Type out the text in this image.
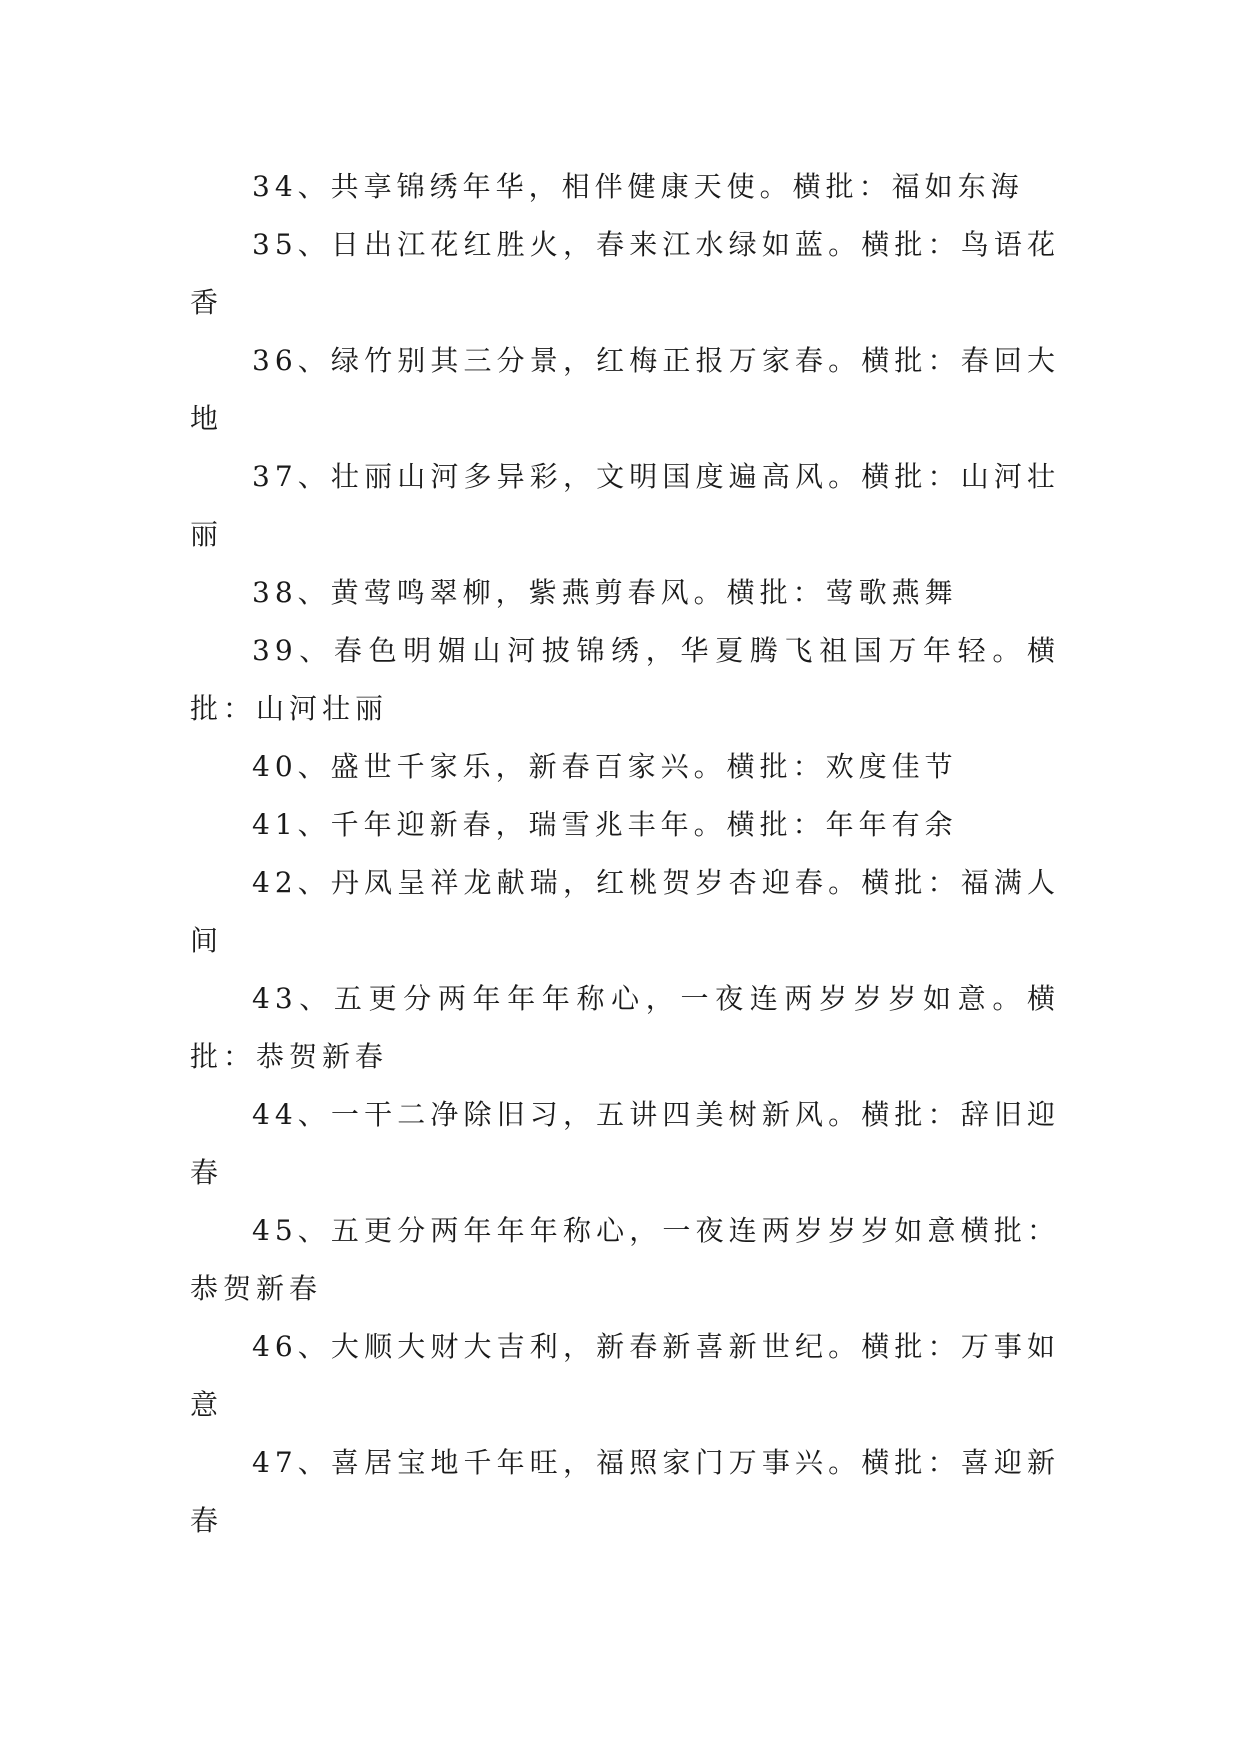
34、共享锦绣年华，相伴健康天使。横批：福如东海

35、日出江花红胜火，春来江水绿如蓝。横批：鸟语花香

36、绿竹别其三分景，红梅正报万家春。横批：春回大地

37、壮丽山河多异彩，文明国度遍高风。横批：山河壮丽

38、黄莺鸣翠柳，紫燕剪春风。横批：莺歌燕舞

39、春色明媚山河披锦绣，华夏腾飞祖国万年轻。横批：山河壮丽

40、盛世千家乐，新春百家兴。横批：欢度佳节

41、千年迎新春，瑞雪兆丰年。横批：年年有余

42、丹凤呈祥龙献瑞，红桃贺岁杏迎春。横批：福满人间

43、五更分两年年年称心，一夜连两岁岁岁如意。横批：恭贺新春

44、一干二净除旧习，五讲四美树新风。横批：辞旧迎春

45、五更分两年年年称心，一夜连两岁岁岁如意横批：恭贺新春

46、大顺大财大吉利，新春新喜新世纪。横批：万事如意

47、喜居宝地千年旺，福照家门万事兴。横批：喜迎新春
